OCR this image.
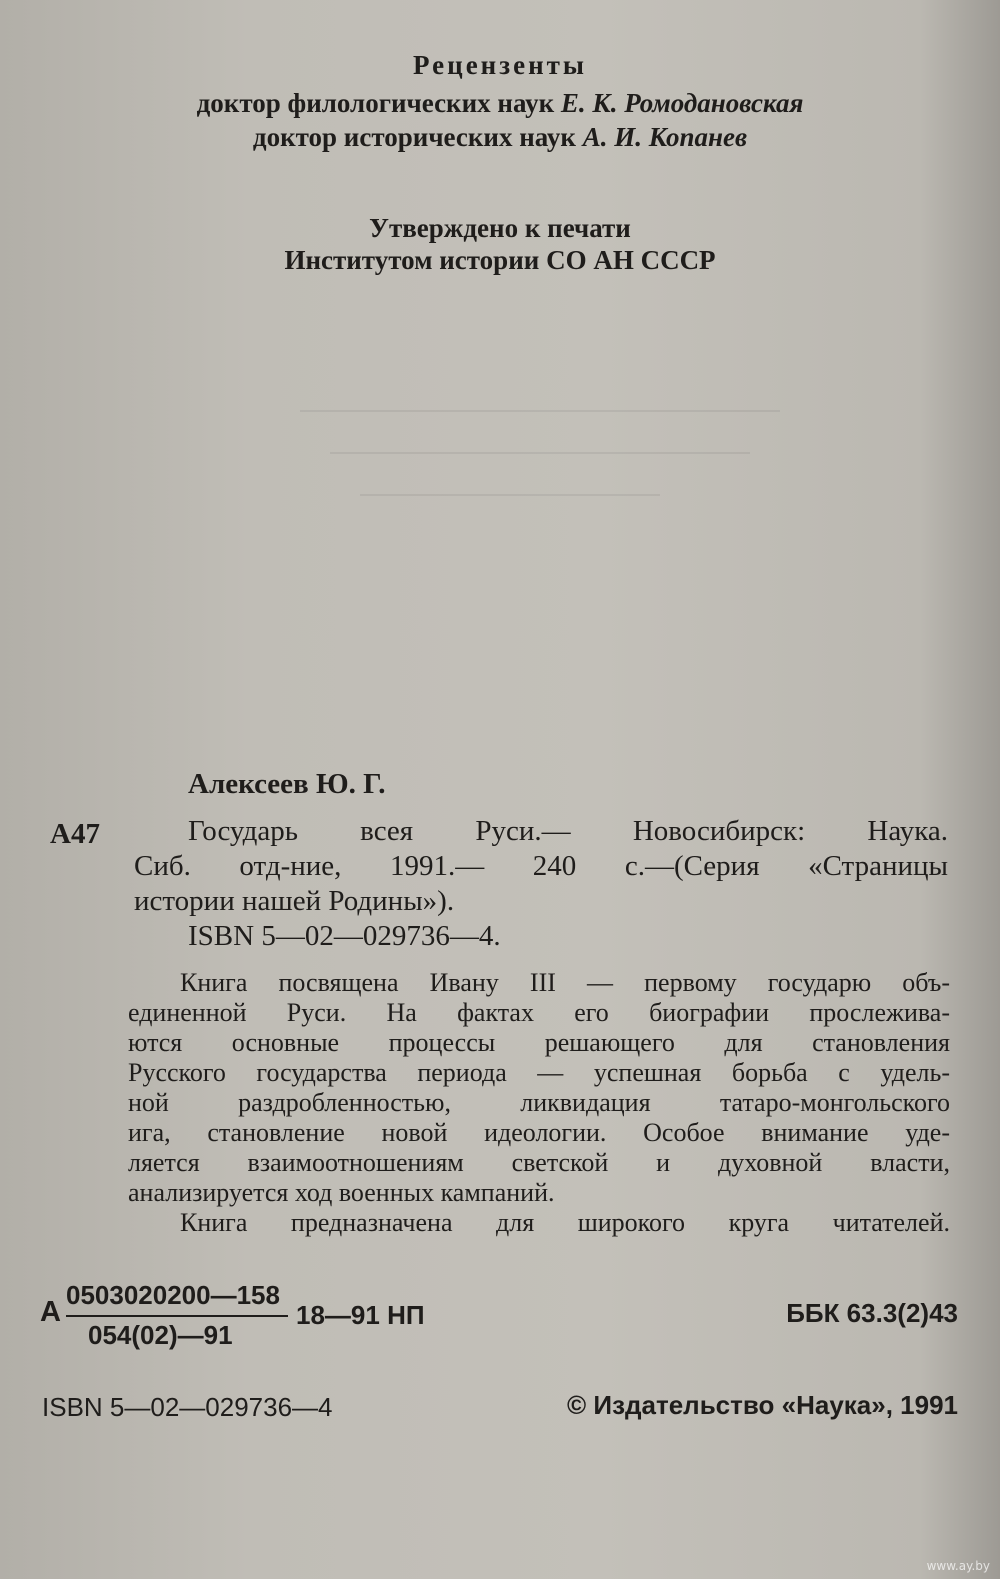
Рецензенты
доктор филологических наук Е. К. Ромодановская
доктор исторических наук А. И. Копанев
Утверждено к печати
Институтом истории СО АН СССР
Алексеев Ю. Г.
А47	Государь всея Руси.— Новосибирск: Наука.
Сиб. отд-ние, 1991.— 240 с.—(Серия «Страницы
истории нашей Родины»).
ISBN 5—02—029736—4.

Книга посвящена Ивану III — первому государю объ-

единенной Руси. На фактах его биографии прослежива-

ются основные процессы решающего для становления

Русского государства периода — успешная борьба с удель-

ной раздробленностью, ликвидация татаро-монгольского

ига, становление новой идеологии. Особое внимание уде-

ляется взаимоотношениям светской и духовной власти,

анализируется ход военных кампаний.

Книга предназначена для широкого круга читателей.

А
0503020200—158
054(02)—91
18—91 НП	ББК 63.3(2)43
ISBN 5—02—029736—4	© Издательство «Наука», 1991
www.ay.by
